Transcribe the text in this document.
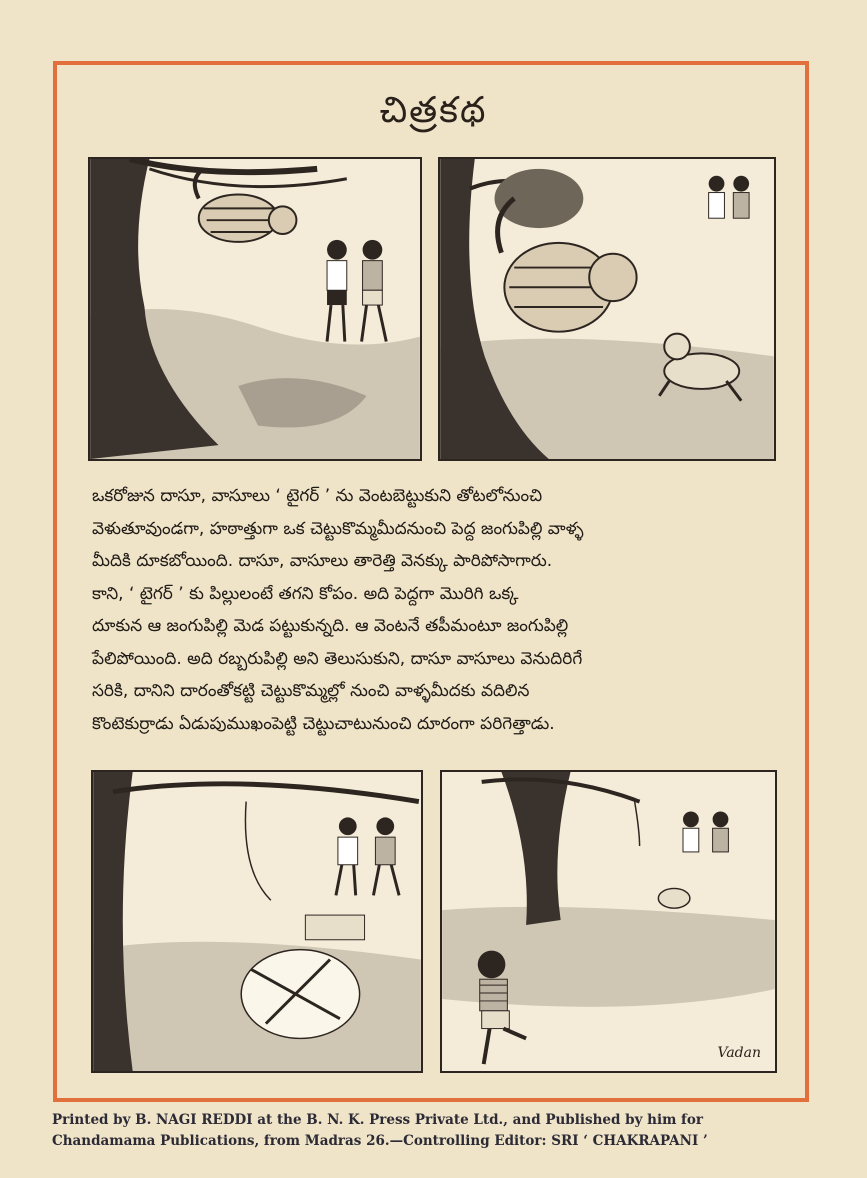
చిత్రకథ
ఒకరోజున దాసూ, వాసూలు ‘ టైగర్ ’ ను వెంటబెట్టుకుని తోటలోనుంచి
వెళుతూవుండగా, హఠాత్తుగా ఒక చెట్టుకొమ్మమీదనుంచి పెద్ద జంగుపిల్లి వాళ్ళ
మీదికి దూకబోయింది. దాసూ, వాసూలు తారెత్తి వెనక్కు పారిపోసాగారు.
కాని, ‘ టైగర్ ’ కు పిల్లులంటే తగని కోపం. అది పెద్దగా మొరిగి ఒక్క
దూకున ఆ జంగుపిల్లి మెడ పట్టుకున్నది. ఆ వెంటనే తపీమంటూ జంగుపిల్లి
పేలిపోయింది. అది రబ్బరుపిల్లి అని తెలుసుకుని, దాసూ వాసూలు వెనుదిరిగే
సరికి, దానిని దారంతోకట్టి చెట్టుకొమ్మల్లో నుంచి వాళ్ళమీదకు వదిలిన
కొంటెకుర్రాడు ఏడుపుముఖంపెట్టి చెట్టుచాటునుంచి దూరంగా పరిగెత్తాడు.
Vadan
Printed by B. NAGI REDDI at the B. N. K. Press Private Ltd., and Published by him for
Chandamama Publications, from Madras 26.—Controlling Editor: SRI ‘ CHAKRAPANI ’
